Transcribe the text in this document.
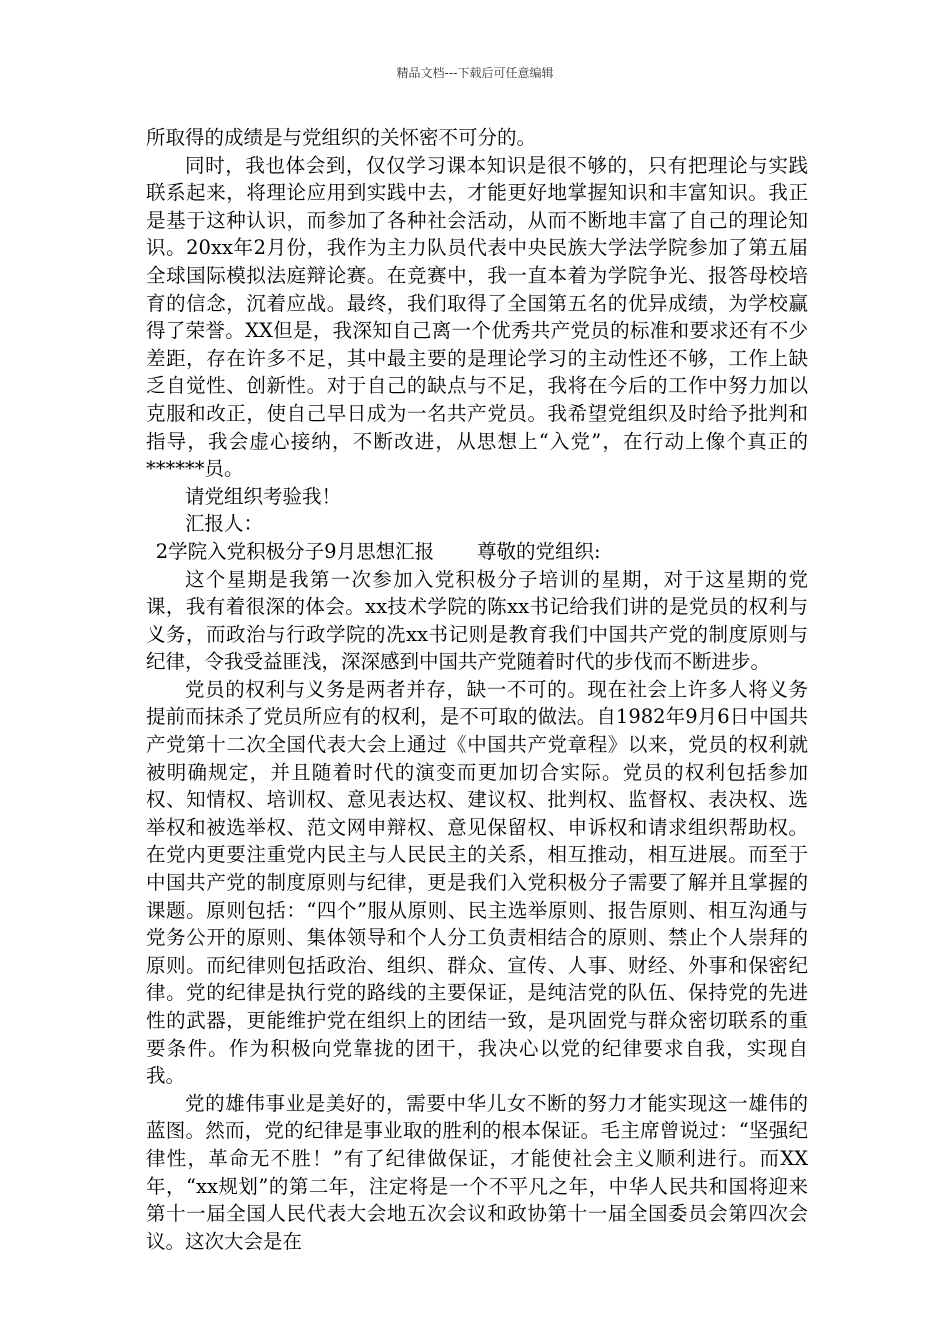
精品文档---下载后可任意编辑

所取得的成绩是与党组织的关怀密不可分的。

同时，我也体会到，仅仅学习课本知识是很不够的，只有把理论与实践联系起来，将理论应用到实践中去，才能更好地掌握知识和丰富知识。我正是基于这种认识，而参加了各种社会活动，从而不断地丰富了自己的理论知识。20xx年2月份，我作为主力队员代表中央民族大学法学院参加了第五届全球国际模拟法庭辩论赛。在竞赛中，我一直本着为学院争光、报答母校培育的信念，沉着应战。最终，我们取得了全国第五名的优异成绩，为学校赢得了荣誉。XX但是，我深知自己离一个优秀共产党员的标准和要求还有不少差距，存在许多不足，其中最主要的是理论学习的主动性还不够，工作上缺乏自觉性、创新性。对于自己的缺点与不足，我将在今后的工作中努力加以克服和改正，使自己早日成为一名共产党员。我希望党组织及时给予批判和指导，我会虚心接纳，不断改进，从思想上“入党”，在行动上像个真正的******员。

请党组织考验我！

汇报人：

2学院入党积极分子9月思想汇报 尊敬的党组织:

这个星期是我第一次参加入党积极分子培训的星期，对于这星期的党课，我有着很深的体会。xx技术学院的陈xx书记给我们讲的是党员的权利与义务，而政治与行政学院的冼xx书记则是教育我们中国共产党的制度原则与纪律，令我受益匪浅，深深感到中国共产党随着时代的步伐而不断进步。

党员的权利与义务是两者并存，缺一不可的。现在社会上许多人将义务提前而抹杀了党员所应有的权利，是不可取的做法。自1982年9月6日中国共产党第十二次全国代表大会上通过《中国共产党章程》以来，党员的权利就被明确规定，并且随着时代的演变而更加切合实际。党员的权利包括参加权、知情权、培训权、意见表达权、建议权、批判权、监督权、表决权、选举权和被选举权、范文网申辩权、意见保留权、申诉权和请求组织帮助权。在党内更要注重党内民主与人民民主的关系，相互推动，相互进展。而至于中国共产党的制度原则与纪律，更是我们入党积极分子需要了解并且掌握的课题。原则包括：“四个”服从原则、民主选举原则、报告原则、相互沟通与党务公开的原则、集体领导和个人分工负责相结合的原则、禁止个人崇拜的原则。而纪律则包括政治、组织、群众、宣传、人事、财经、外事和保密纪律。党的纪律是执行党的路线的主要保证，是纯洁党的队伍、保持党的先进性的武器，更能维护党在组织上的团结一致，是巩固党与群众密切联系的重要条件。作为积极向党靠拢的团干，我决心以党的纪律要求自我，实现自我。

党的雄伟事业是美好的，需要中华儿女不断的努力才能实现这一雄伟的蓝图。然而，党的纪律是事业取的胜利的根本保证。毛主席曾说过：“坚强纪律性，革命无不胜！”有了纪律做保证，才能使社会主义顺利进行。而XX年，“xx规划”的第二年，注定将是一个不平凡之年，中华人民共和国将迎来第十一届全国人民代表大会地五次会议和政协第十一届全国委员会第四次会议。这次大会是在
